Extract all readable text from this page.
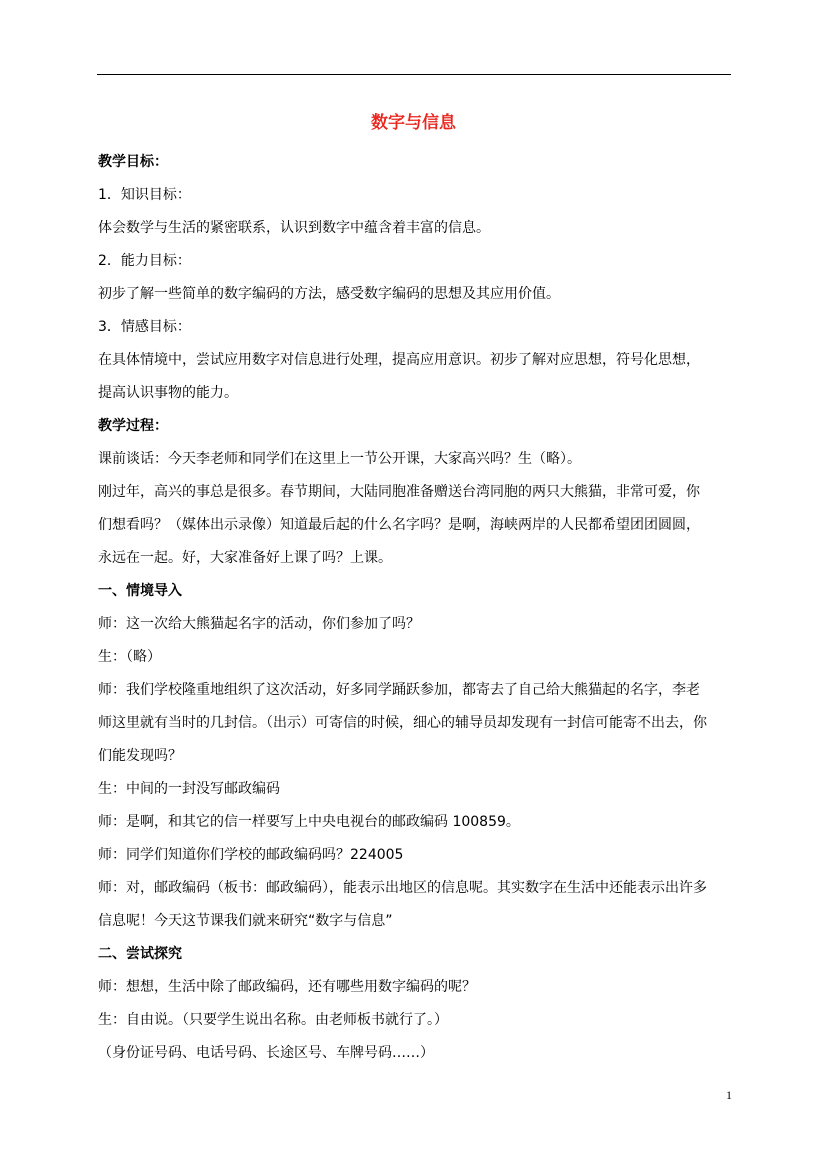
数字与信息
教学目标：
1．知识目标：
体会数学与生活的紧密联系，认识到数字中蕴含着丰富的信息。
2．能力目标：
初步了解一些简单的数字编码的方法，感受数字编码的思想及其应用价值。
3．情感目标：
在具体情境中，尝试应用数字对信息进行处理，提高应用意识。初步了解对应思想，符号化思想，
提高认识事物的能力。
教学过程：
课前谈话：今天李老师和同学们在这里上一节公开课，大家高兴吗？生（略）。
刚过年，高兴的事总是很多。春节期间，大陆同胞准备赠送台湾同胞的两只大熊猫，非常可爱，你
们想看吗？（媒体出示录像）知道最后起的什么名字吗？是啊，海峡两岸的人民都希望团团圆圆，
永远在一起。好，大家准备好上课了吗？上课。
一、情境导入
师：这一次给大熊猫起名字的活动，你们参加了吗？
生：（略）
师：我们学校隆重地组织了这次活动，好多同学踊跃参加，都寄去了自己给大熊猫起的名字，李老
师这里就有当时的几封信。（出示）可寄信的时候，细心的辅导员却发现有一封信可能寄不出去，你
们能发现吗？
生：中间的一封没写邮政编码
师：是啊，和其它的信一样要写上中央电视台的邮政编码 100859。
师：同学们知道你们学校的邮政编码吗？224005
师：对，邮政编码（板书：邮政编码），能表示出地区的信息呢。其实数字在生活中还能表示出许多
信息呢！今天这节课我们就来研究“数字与信息”
二、尝试探究
师：想想，生活中除了邮政编码，还有哪些用数字编码的呢？
生：自由说。（只要学生说出名称。由老师板书就行了。）
（身份证号码、电话号码、长途区号、车牌号码……）
1
